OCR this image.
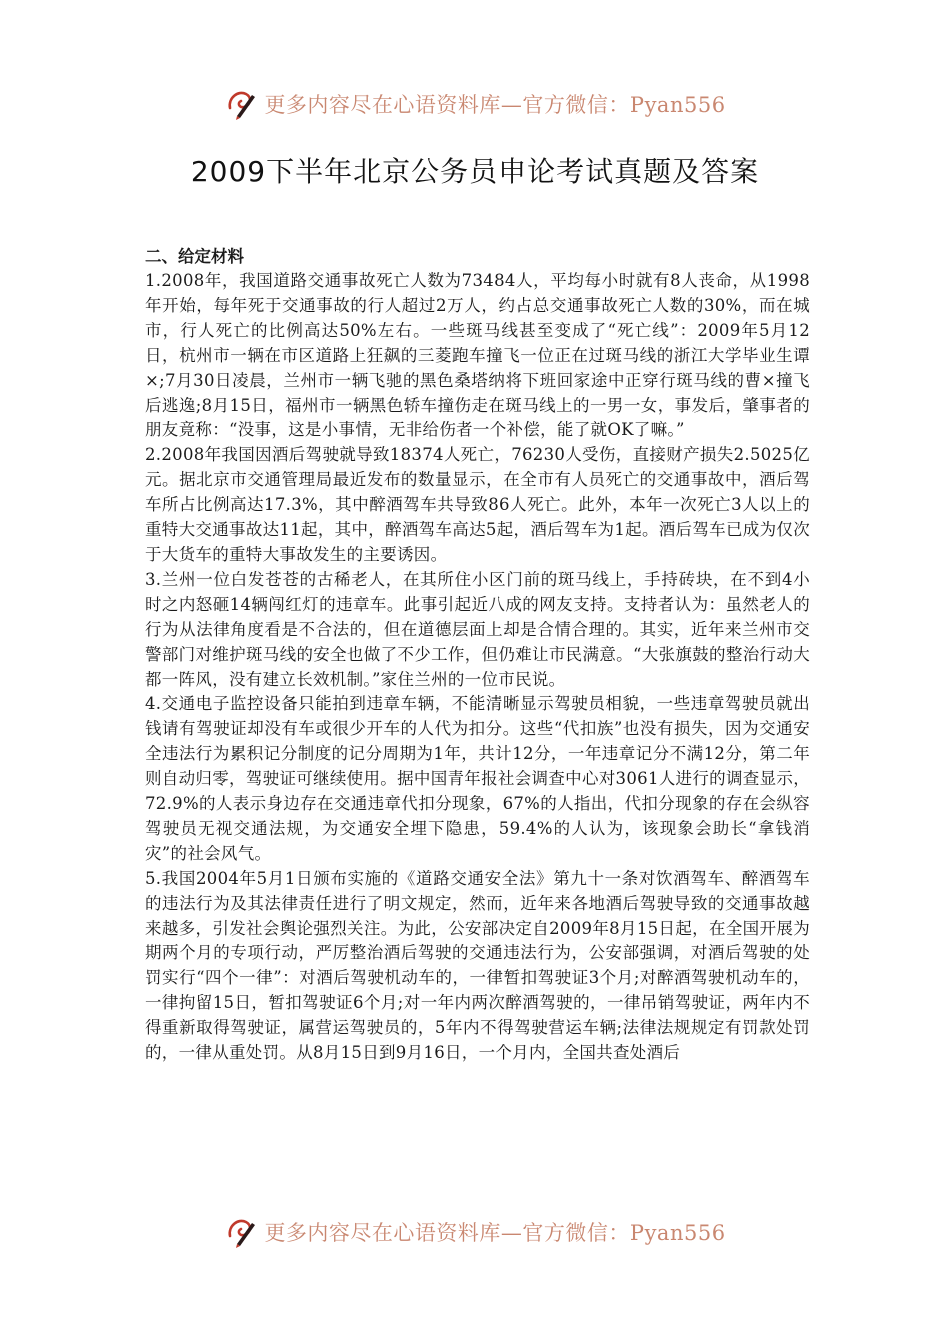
更多内容尽在心语资料库—官方微信：Pyan556
2009下半年北京公务员申论考试真题及答案

二、给定材料

1.2008年，我国道路交通事故死亡人数为73484人，平均每小时就有8人丧命，从1998年开始，每年死于交通事故的行人超过2万人，约占总交通事故死亡人数的30%，而在城市，行人死亡的比例高达50%左右。一些斑马线甚至变成了“死亡线”：2009年5月12日，杭州市一辆在市区道路上狂飙的三菱跑车撞飞一位正在过斑马线的浙江大学毕业生谭×;7月30日凌晨，兰州市一辆飞驰的黑色桑塔纳将下班回家途中正穿行斑马线的曹×撞飞后逃逸;8月15日，福州市一辆黑色轿车撞伤走在斑马线上的一男一女，事发后，肇事者的朋友竟称：“没事，这是小事情，无非给伤者一个补偿，能了就OK了嘛。”

2.2008年我国因酒后驾驶就导致18374人死亡，76230人受伤，直接财产损失2.5025亿元。据北京市交通管理局最近发布的数量显示，在全市有人员死亡的交通事故中，酒后驾车所占比例高达17.3%，其中醉酒驾车共导致86人死亡。此外，本年一次死亡3人以上的重特大交通事故达11起，其中，醉酒驾车高达5起，酒后驾车为1起。酒后驾车已成为仅次于大货车的重特大事故发生的主要诱因。

3.兰州一位白发苍苍的古稀老人，在其所住小区门前的斑马线上，手持砖块，在不到4小时之内怒砸14辆闯红灯的违章车。此事引起近八成的网友支持。支持者认为：虽然老人的行为从法律角度看是不合法的，但在道德层面上却是合情合理的。其实，近年来兰州市交警部门对维护斑马线的安全也做了不少工作，但仍难让市民满意。“大张旗鼓的整治行动大都一阵风，没有建立长效机制。”家住兰州的一位市民说。

4.交通电子监控设备只能拍到违章车辆，不能清晰显示驾驶员相貌，一些违章驾驶员就出钱请有驾驶证却没有车或很少开车的人代为扣分。这些“代扣族”也没有损失，因为交通安全违法行为累积记分制度的记分周期为1年，共计12分，一年违章记分不满12分，第二年则自动归零，驾驶证可继续使用。据中国青年报社会调查中心对3061人进行的调查显示，72.9%的人表示身边存在交通违章代扣分现象，67%的人指出，代扣分现象的存在会纵容驾驶员无视交通法规，为交通安全埋下隐患，59.4%的人认为，该现象会助长“拿钱消灾”的社会风气。

5.我国2004年5月1日颁布实施的《道路交通安全法》第九十一条对饮酒驾车、醉酒驾车的违法行为及其法律责任进行了明文规定，然而，近年来各地酒后驾驶导致的交通事故越来越多，引发社会舆论强烈关注。为此，公安部决定自2009年8月15日起，在全国开展为期两个月的专项行动，严厉整治酒后驾驶的交通违法行为，公安部强调，对酒后驾驶的处罚实行“四个一律”：对酒后驾驶机动车的，一律暂扣驾驶证3个月;对醉酒驾驶机动车的，一律拘留15日，暂扣驾驶证6个月;对一年内两次醉酒驾驶的，一律吊销驾驶证，两年内不得重新取得驾驶证，属营运驾驶员的，5年内不得驾驶营运车辆;法律法规规定有罚款处罚的，一律从重处罚。从8月15日到9月16日，一个月内，全国共查处酒后

更多内容尽在心语资料库—官方微信：Pyan556
